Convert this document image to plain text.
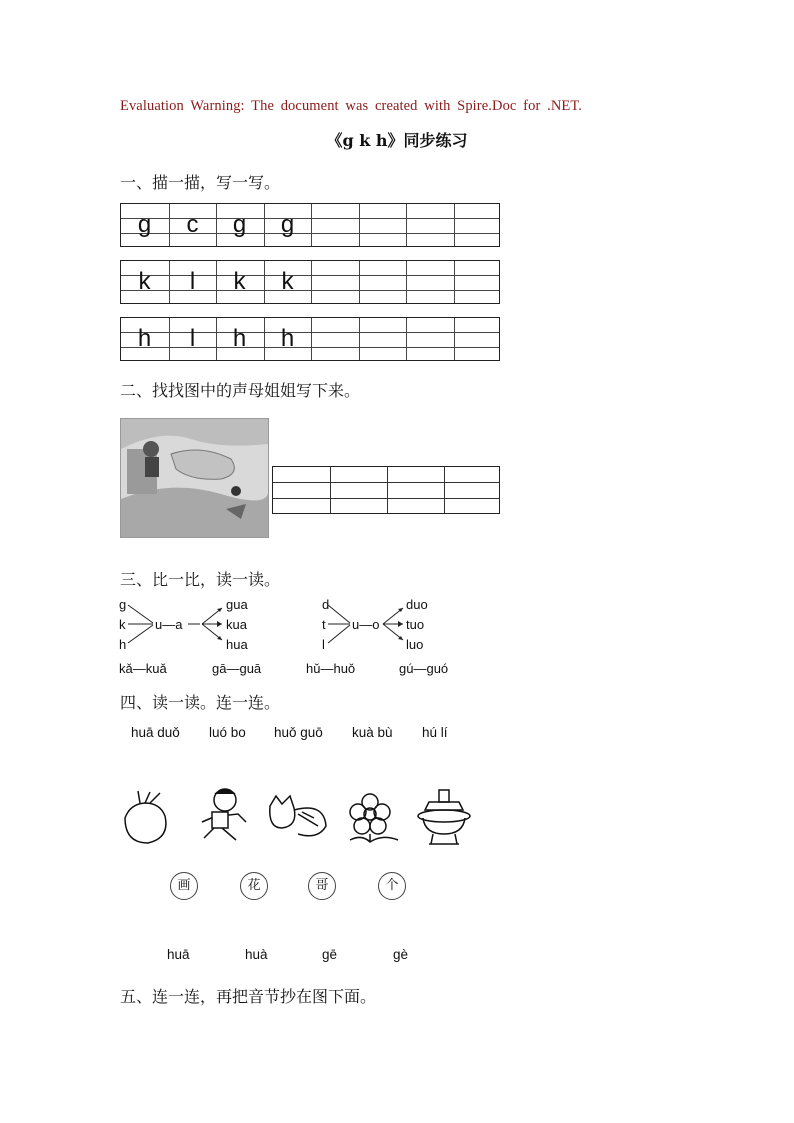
Evaluation Warning: The document was created with Spire.Doc for .NET.
《g k h》同步练习
一、描一描，写一写。
g	c	g	g
k	l	k	k
h	l	h	h
二、找找图中的声母姐姐写下来。
三、比一比，读一读。
g
k
h
u—a
gua
kua
hua
kǎ—kuǎ	gā—guā
d
t
l
u—o
duo
tuo
luo
hǔ—huǒ	gú—guó
四、读一读。连一连。
huā duǒ luó bo huǒ guō kuà bù hú lí
画	花	哥	个
huā	huà	gē	gè
五、连一连，再把音节抄在图下面。
